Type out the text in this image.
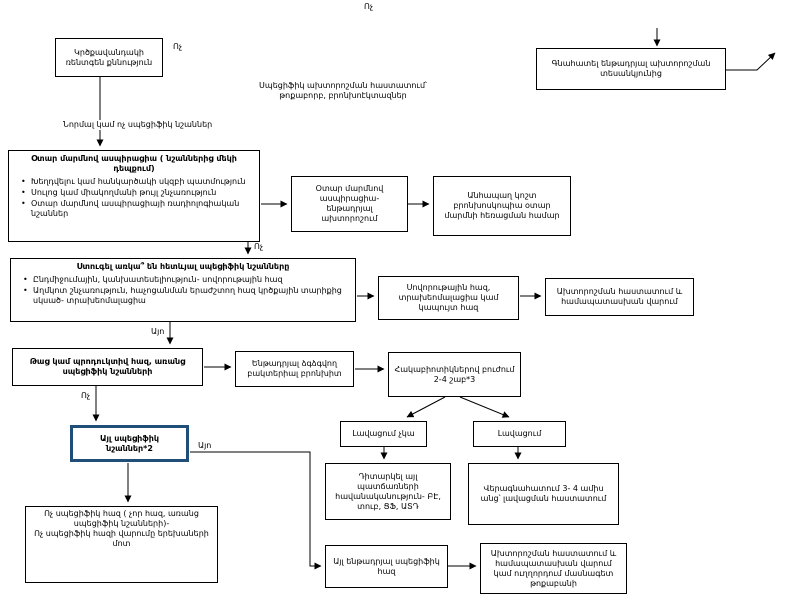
Ոչ
Ոչ
Նորմալ կամ ոչ սպեցիֆիկ նշաններ
Ոչ
Այո
Ոչ
Այո

Սպեցիֆիկ ախտորոշման հաստատում՝

թոքաբորբ, բրոնխոէկտազներ

Կրծքավանդակի ռենտգեն քննություն	Գնահատել ենթադրյալ ախտորոշման տեսանկյունից
Օտար մարմնով ասպիրացիա ( նշաններից մեկի դեպքում)
• Խեղդվելու կամ հանկարծակի սկզբի պատմություն
• Սուլոց կամ միակողմանի թույլ շնչառություն
• Օտար մարմնով ասպիրացիայի ռադիոլոգիական նշաններ
Օտար մարմնով ասպիրացիա- ենթադրյալ ախտորոշում
Անհապաղ կոշտ բրոնխոսկոպիա օտար մարմնի հեռացման համար
Ստուգել առկա՞ են հետևյալ սպեցիֆիկ նշանները
• Ընդմիջումային, կանխատեսելիություն- սովորութային հազ
• Աղմկոտ շնչառություն, հաչոցանման երաժշտող հազ կրծքային տարիքից սկսած- տրախեոմալացիա
Սովորութային հազ, տրախեոմալացիա կամ կապույտ հազ
Ախտորոշման հաստատում և համապատասխան վարում
Թաց կամ պրոդուկտիվ հազ, առանց սպեցիֆիկ նշանների
Ենթադրյալ ձգձգվող բակտերիալ բրոնխիտ	Հակաբիոտիկներով բուժում 2-4 շաբ*3
Լավացում չկա	Լավացում
Դիտարկել այլ պատճառների հավանականություն- ԲԷ, տուբ, ՑՖ, ԱՏԴ
Վերագնահատում 3- 4 ամիս անց՝ լավացման հաստատում
Այլ սպեցիֆիկ նշաններ*2

Ոչ սպեցիֆիկ հազ ( չոր հազ, առանց սպեցիֆիկ նշանների)-

Ոչ սպեցիֆիկ հազի վարումը երեխաների մոտ

Այլ ենթադրյալ սպեցիֆիկ հազ
Ախտորոշման հաստատում և համապատասխան վարում կամ ուղղորդում մասնագետ թոքաբանի
